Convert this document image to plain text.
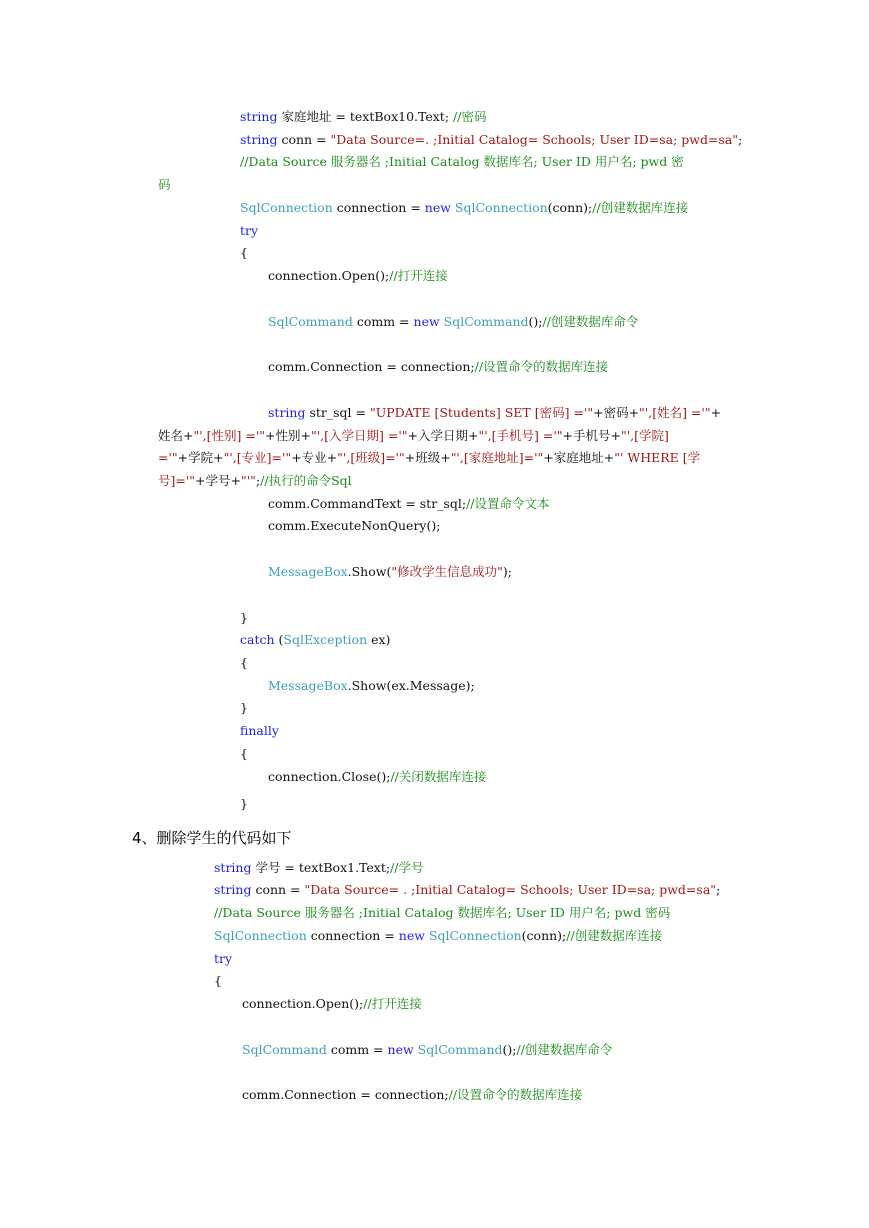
string 家庭地址 = textBox10.Text; //密码
string conn = "Data Source=. ;Initial Catalog= Schools; User ID=sa; pwd=sa";
//Data Source 服务器名 ;Initial Catalog 数据库名; User ID 用户名; pwd 密
码
SqlConnection connection = new SqlConnection(conn);//创建数据库连接
try
{
connection.Open();//打开连接
SqlCommand comm = new SqlCommand();//创建数据库命令
comm.Connection = connection;//设置命令的数据库连接
string str_sql = "UPDATE [Students] SET [密码] ='"+密码+"',[姓名] ='"+
姓名+"',[性别] ='"+性别+"',[入学日期] ='"+入学日期+"',[手机号] ='"+手机号+"',[学院]
='"+学院+"',[专业]='"+专业+"',[班级]='"+班级+"',[家庭地址]='"+家庭地址+"' WHERE [学
号]='"+学号+"'";//执行的命令Sql
comm.CommandText = str_sql;//设置命令文本
comm.ExecuteNonQuery();
MessageBox.Show("修改学生信息成功");
}
catch (SqlException ex)
{
MessageBox.Show(ex.Message);
}
finally
{
connection.Close();//关闭数据库连接
}
4、删除学生的代码如下
string 学号 = textBox1.Text;//学号
string conn = "Data Source= . ;Initial Catalog= Schools; User ID=sa; pwd=sa";
//Data Source 服务器名 ;Initial Catalog 数据库名; User ID 用户名; pwd 密码
SqlConnection connection = new SqlConnection(conn);//创建数据库连接
try
{
connection.Open();//打开连接
SqlCommand comm = new SqlCommand();//创建数据库命令
comm.Connection = connection;//设置命令的数据库连接
